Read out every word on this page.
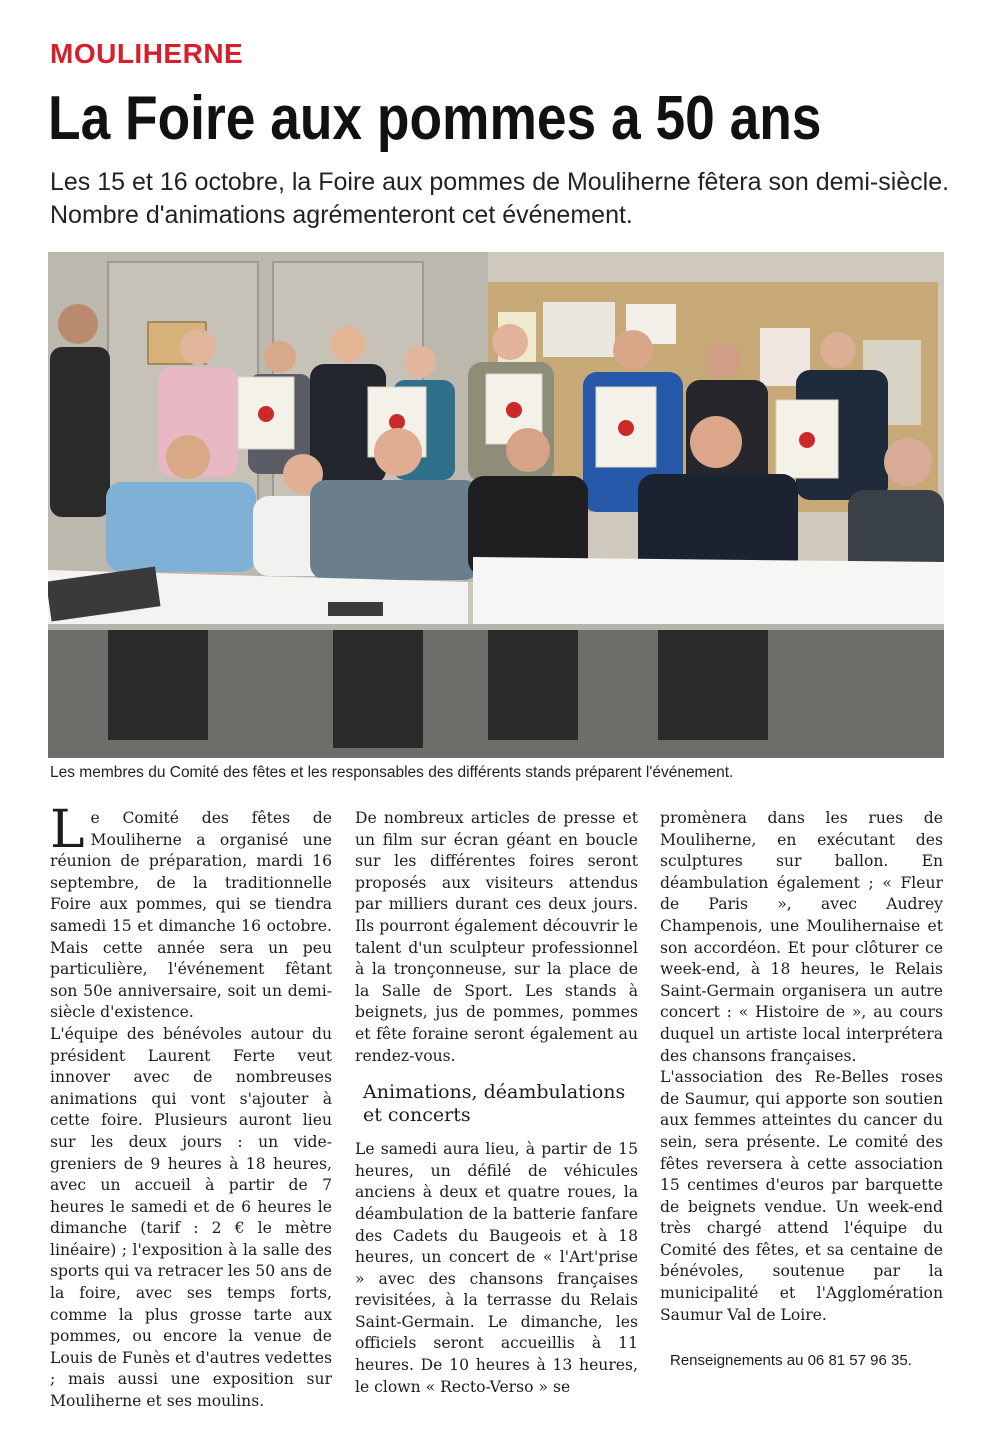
MOULIHERNE
La Foire aux pommes a 50 ans
Les 15 et 16 octobre, la Foire aux pommes de Mouliherne fêtera son demi-siècle. Nombre d'animations agrémenteront cet événement.
Les membres du Comité des fêtes et les responsables des différents stands préparent l'événement.

Le Comité des fêtes de Mouliherne a organisé une réunion de préparation, mardi 16 septembre, de la traditionnelle Foire aux pommes, qui se tiendra samedi 15 et dimanche 16 octobre. Mais cette année sera un peu particulière, l'événement fêtant son 50e anniversaire, soit un demi-siècle d'existence.

L'équipe des bénévoles autour du président Laurent Ferte veut innover avec de nombreuses animations qui vont s'ajouter à cette foire. Plusieurs auront lieu sur les deux jours : un vide-greniers de 9 heures à 18 heures, avec un accueil à partir de 7 heures le samedi et de 6 heures le dimanche (tarif : 2 € le mètre linéaire) ; l'exposition à la salle des sports qui va retracer les 50 ans de la foire, avec ses temps forts, comme la plus grosse tarte aux pommes, ou encore la venue de Louis de Funès et d'autres vedettes ; mais aussi une exposition sur Mouliherne et ses moulins.

De nombreux articles de presse et un film sur écran géant en boucle sur les différentes foires seront proposés aux visiteurs attendus par milliers durant ces deux jours. Ils pourront également découvrir le talent d'un sculpteur professionnel à la tronçonneuse, sur la place de la Salle de Sport. Les stands à beignets, jus de pommes, pommes et fête foraine seront également au rendez-vous.

Animations, déambulations et concerts

Le samedi aura lieu, à partir de 15 heures, un défilé de véhicules anciens à deux et quatre roues, la déambulation de la batterie fanfare des Cadets du Baugeois et à 18 heures, un concert de « l'Art'prise » avec des chansons françaises revisitées, à la terrasse du Relais Saint-Germain. Le dimanche, les officiels seront accueillis à 11 heures. De 10 heures à 13 heures, le clown « Recto-Verso » se

promènera dans les rues de Mouliherne, en exécutant des sculptures sur ballon. En déambulation également ; « Fleur de Paris », avec Audrey Champenois, une Moulihernaise et son accordéon. Et pour clôturer ce week-end, à 18 heures, le Relais Saint-Germain organisera un autre concert : « Histoire de », au cours duquel un artiste local interprétera des chansons françaises.

L'association des Re-Belles roses de Saumur, qui apporte son soutien aux femmes atteintes du cancer du sein, sera présente. Le comité des fêtes reversera à cette association 15 centimes d'euros par barquette de beignets vendue. Un week-end très chargé attend l'équipe du Comité des fêtes, et sa centaine de bénévoles, soutenue par la municipalité et l'Agglomération Saumur Val de Loire.

Renseignements au 06 81 57 96 35.
